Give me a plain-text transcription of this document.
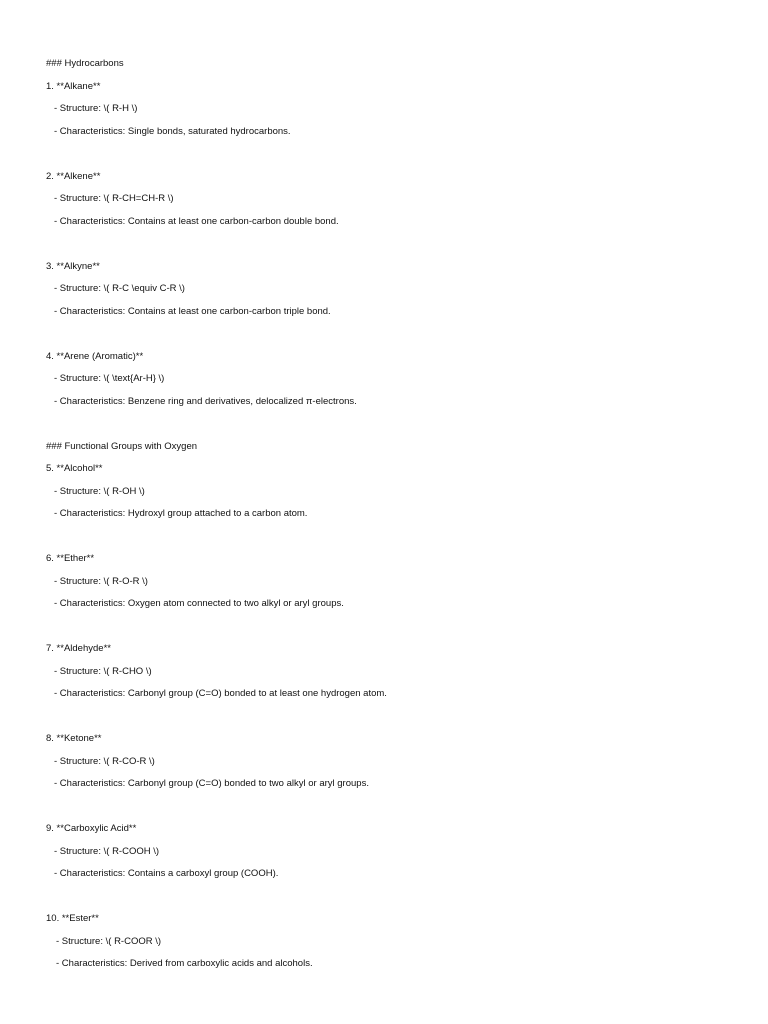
### Hydrocarbons
1. **Alkane**
- Structure: \( R-H \)
- Characteristics: Single bonds, saturated hydrocarbons.
2. **Alkene**
- Structure: \( R-CH=CH-R \)
- Characteristics: Contains at least one carbon-carbon double bond.
3. **Alkyne**
- Structure: \( R-C \equiv C-R \)
- Characteristics: Contains at least one carbon-carbon triple bond.
4. **Arene (Aromatic)**
- Structure: \( \text{Ar-H} \)
- Characteristics: Benzene ring and derivatives, delocalized π-electrons.
### Functional Groups with Oxygen
5. **Alcohol**
- Structure: \( R-OH \)
- Characteristics: Hydroxyl group attached to a carbon atom.
6. **Ether**
- Structure: \( R-O-R \)
- Characteristics: Oxygen atom connected to two alkyl or aryl groups.
7. **Aldehyde**
- Structure: \( R-CHO \)
- Characteristics: Carbonyl group (C=O) bonded to at least one hydrogen atom.
8. **Ketone**
- Structure: \( R-CO-R \)
- Characteristics: Carbonyl group (C=O) bonded to two alkyl or aryl groups.
9. **Carboxylic Acid**
- Structure: \( R-COOH \)
- Characteristics: Contains a carboxyl group (COOH).
10. **Ester**
- Structure: \( R-COOR \)
- Characteristics: Derived from carboxylic acids and alcohols.
